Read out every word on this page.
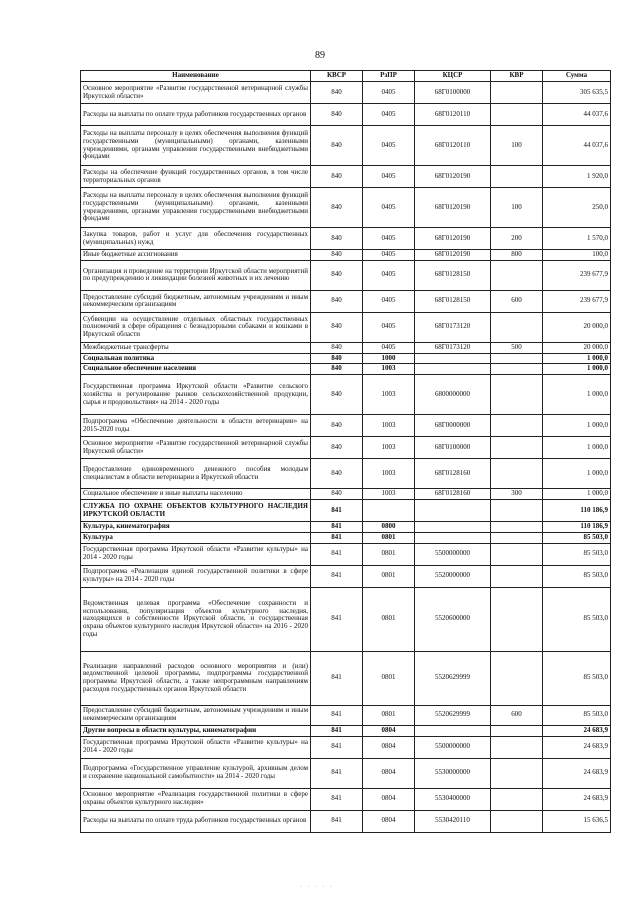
89
Наименование	КВСР	РзПР	КЦСР	КВР	Сумма
Основное мероприятие «Развитие государственной ветеринарной службы Иркутской области»	840	0405	68Г0100000		305 635,5
Расходы на выплаты по оплате труда работников государственных органов	840	0405	68Г0120110		44 037,6
Расходы на выплаты персоналу в целях обеспечения выполнения функций государственными (муниципальными) органами, казенными учреждениями, органами управления государственными внебюджетными фондами	840	0405	68Г0120110	100	44 037,6
Расходы на обеспечение функций государственных органов, в том числе территориальных органов	840	0405	68Г0120190		1 920,0
Расходы на выплаты персоналу в целях обеспечения выполнения функций государственными (муниципальными) органами, казенными учреждениями, органами управления государственными внебюджетными фондами	840	0405	68Г0120190	100	250,0
Закупка товаров, работ и услуг для обеспечения государственных (муниципальных) нужд	840	0405	68Г0120190	200	1 570,0
Иные бюджетные ассигнования	840	0405	68Г0120190	800	100,0
Организация и проведение на территории Иркутской области мероприятий по предупреждению и ликвидации болезней животных и их лечению	840	0405	68Г0128150		239 677,9
Предоставление субсидий бюджетным, автономным учреждениям и иным некоммерческим организациям	840	0405	68Г0128150	600	239 677,9
Субвенции на осуществление отдельных областных государственных полномочий в сфере обращения с безнадзорными собаками и кошками в Иркутской области	840	0405	68Г0173120		20 000,0
Межбюджетные трансферты	840	0405	68Г0173120	500	20 000,0
Социальная политика	840	1000			1 000,0
Социальное обеспечение населения	840	1003			1 000,0
Государственная программа Иркутской области «Развитие сельского хозяйства и регулирование рынков сельскохозяйственной продукции, сырья и продовольствия» на 2014 - 2020 годы	840	1003	6800000000		1 000,0
Подпрограмма «Обеспечение деятельности в области ветеринарии» на 2015-2020 годы	840	1003	68Г0000000		1 000,0
Основное мероприятие «Развитие государственной ветеринарной службы Иркутской области»	840	1003	68Г0100000		1 000,0
Предоставление единовременного денежного пособия молодым специалистам в области ветеринарии в Иркутской области	840	1003	68Г0128160		1 000,0
Социальное обеспечение и иные выплаты населению	840	1003	68Г0128160	300	1 000,0
СЛУЖБА ПО ОХРАНЕ ОБЪЕКТОВ КУЛЬТУРНОГО НАСЛЕДИЯ ИРКУТСКОЙ ОБЛАСТИ	841				110 186,9
Культура, кинематография	841	0800			110 186,9
Культура	841	0801			85 503,0
Государственная программа Иркутской области «Развитие культуры» на 2014 - 2020 годы	841	0801	5500000000		85 503,0
Подпрограмма «Реализация единой государственной политики в сфере культуры» на 2014 - 2020 годы	841	0801	5520000000		85 503,0
Ведомственная целевая программа «Обеспечение сохранности и использования, популяризация объектов культурного наследия, находящихся в собственности Иркутской области, и государственная охрана объектов культурного наследия Иркутской области» на 2016 - 2020 годы	841	0801	5520600000		85 503,0
Реализация направлений расходов основного мероприятия и (или) ведомственной целевой программы, подпрограммы государственной программы Иркутской области, а также непрограммным направлениям расходов государственных органов Иркутской области	841	0801	5520629999		85 503,0
Предоставление субсидий бюджетным, автономным учреждениям и иным некоммерческим организациям	841	0801	5520629999	600	85 503,0
Другие вопросы в области культуры, кинематографии	841	0804			24 683,9
Государственная программа Иркутской области «Развитие культуры» на 2014 - 2020 годы	841	0804	5500000000		24 683,9
Подпрограмма «Государственное управление культурой, архивным делом и сохранение национальной самобытности» на 2014 - 2020 годы	841	0804	5530000000		24 683,9
Основное мероприятие «Реализация государственной политики в сфере охраны объектов культурного наследия»	841	0804	5530400000		24 683,9
Расходы на выплаты по оплате труда работников государственных органов	841	0804	5530420110		15 636,5
· · · · ·
